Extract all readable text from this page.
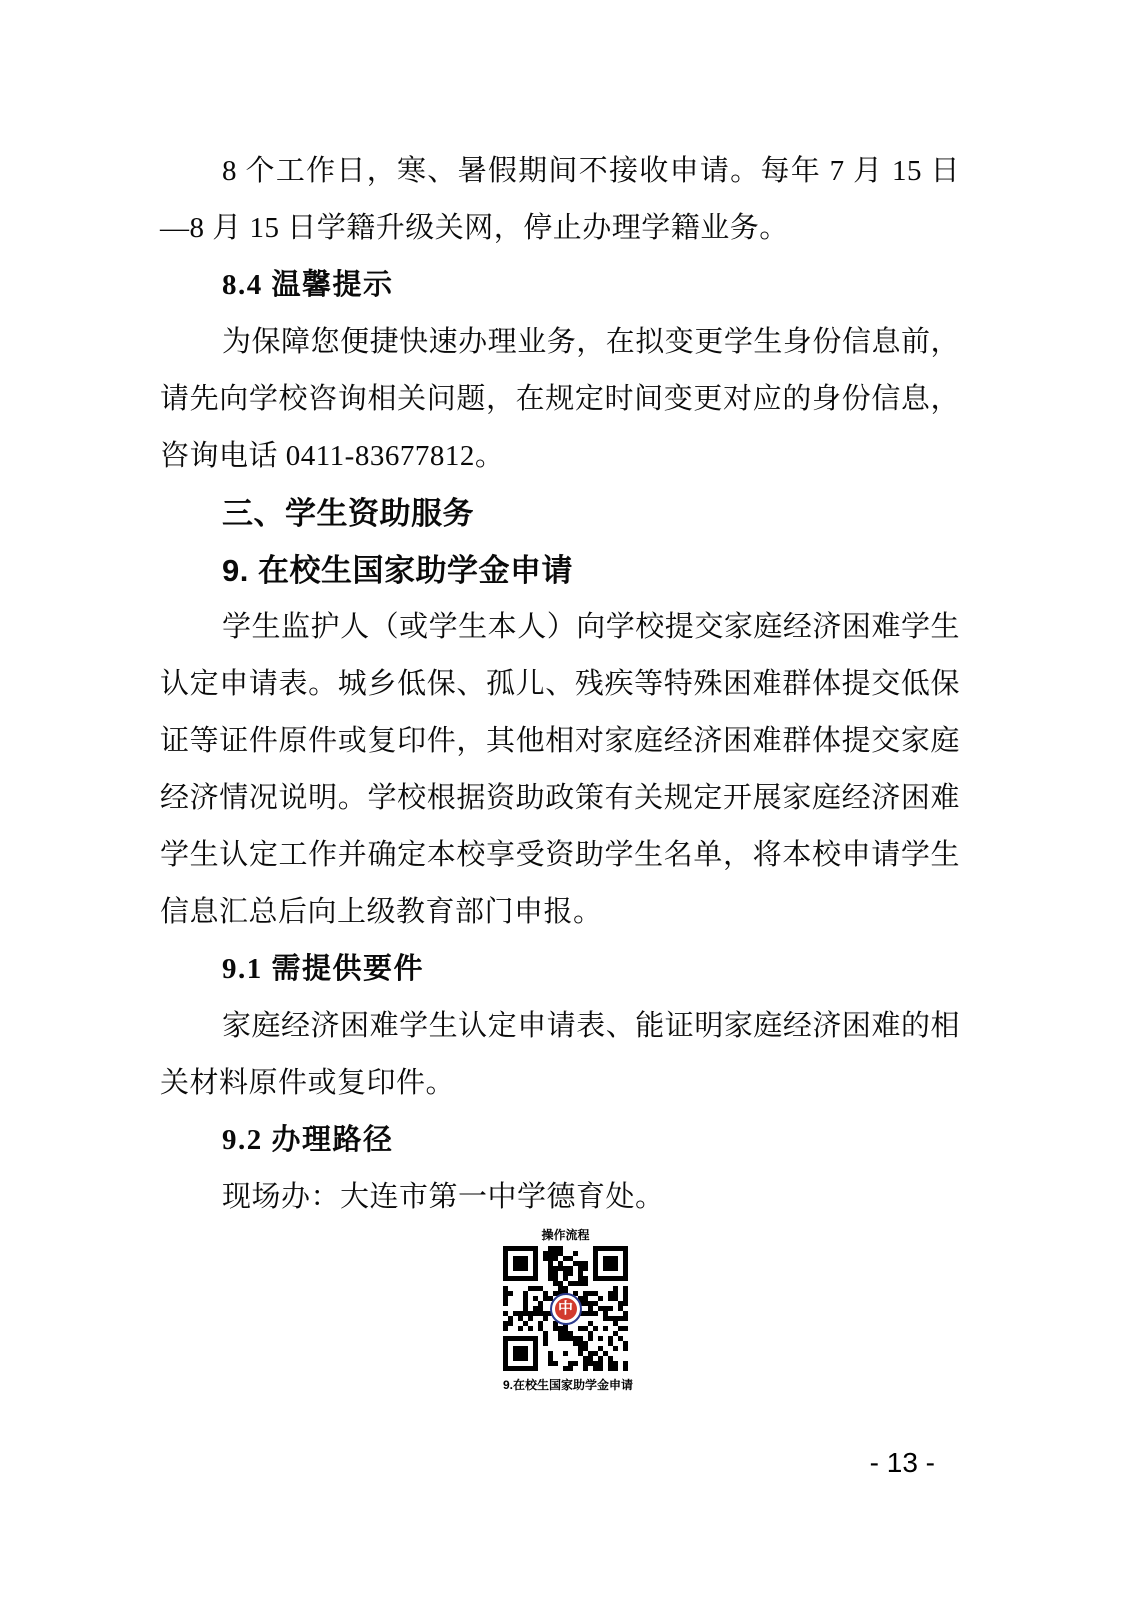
8 个工作日，寒、暑假期间不接收申请。每年 7 月 15 日
—8 月 15 日学籍升级关网，停止办理学籍业务。
8.4 温馨提示
为保障您便捷快速办理业务，在拟变更学生身份信息前，
请先向学校咨询相关问题，在规定时间变更对应的身份信息，
咨询电话 0411-83677812。
三、学生资助服务
9. 在校生国家助学金申请
学生监护人（或学生本人）向学校提交家庭经济困难学生
认定申请表。城乡低保、孤儿、残疾等特殊困难群体提交低保
证等证件原件或复印件，其他相对家庭经济困难群体提交家庭
经济情况说明。学校根据资助政策有关规定开展家庭经济困难
学生认定工作并确定本校享受资助学生名单，将本校申请学生
信息汇总后向上级教育部门申报。
9.1 需提供要件
家庭经济困难学生认定申请表、能证明家庭经济困难的相
关材料原件或复印件。
9.2 办理路径
现场办：大连市第一中学德育处。
操作流程
中
9.在校生国家助学金申请
- 13 -
